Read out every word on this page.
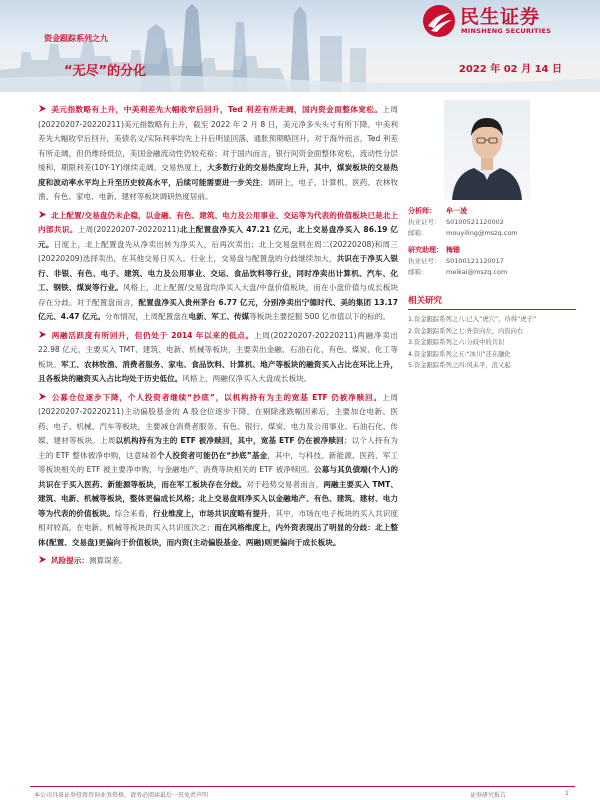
民生证券
MINSHENG SECURITIES
资金跟踪系列之九
“无尽”的分化	2022 年 02 月 14 日

美元指数略有上升，中美利差先大幅收窄后回升，Ted 利差有所走阔，国内资金面整体宽松。上周(20220207-20220211)美元指数略有上升，截至 2022 年 2 月 8 日，美元净多头头寸有所下降。中美利差先大幅收窄后回升，美债名义/实际利率均先上升后明显回落，通胀预期略回升。对于海外而言，Ted 利差有所走阔，但仍维持低位，美国金融流动性仍较充裕；对于国内而言，银行间资金面整体宽松，流动性分层缓和，期限利差(10Y-1Y)继续走阔。交易热度上，大多数行业的交易热度均上升，其中，煤炭板块的交易热度和波动率水平均上升至历史较高水平，后续可能需要进一步关注；调研上，电子、计算机、医药、农林牧渔、有色、家电、电新、建材等板块调研热度居前。

北上配置/交易盘仍未企稳，以金融、有色、建筑、电力及公用事业、交运等为代表的价值板块已是北上内部共识。上周(20220207-20220211)北上配置盘净买入 47.21 亿元，北上交易盘净买入 86.19 亿元。日度上，北上配置盘先从净卖出转为净买入，后再次卖出；北上交易盘则在周二(20220208)和周三(20220209)选择卖出，在其他交易日买入。行业上，交易盘与配置盘的分歧继续加大，共识在于净买入银行、非银、有色、电子、建筑、电力及公用事业、交运、食品饮料等行业，同时净卖出计算机、汽车、化工、钢铁、煤炭等行业。风格上，北上配置/交易盘均净买入大盘/中盘价值板块，而在小盘价值与成长板块存在分歧。对于配置盘而言，配置盘净买入贵州茅台 6.77 亿元，分别净卖出宁德时代、美的集团 13.17 亿元、4.47 亿元。分布情况，上周配置盘在电新、军工、传媒等板块主要挖掘 500 亿市值以下的标的。

两融活跃度有所回升，但仍处于 2014 年以来的低点。上周(20220207-20220211)两融净卖出 22.98 亿元，主要买入 TMT、建筑、电新、机械等板块，主要卖出金融、石油石化、有色、煤炭、化工等板块。军工、农林牧渔、消费者服务、家电、食品饮料、计算机、地产等板块的融资买入占比在环比上升，且各板块的融资买入占比均处于历史低位。风格上，两融仅净买入大盘成长板块。

公募仓位逐步下降，个人投资者继续“抄底”，以机构持有为主的宽基 ETF 仍被净赎回。上周(20220207-20220211)主动偏股基金的 A 股仓位逐步下降，在剔除涨跌幅因素后，主要加仓电新、医药、电子、机械、汽车等板块，主要减仓消费者服务、有色、银行、煤炭、电力及公用事业、石油石化、传媒、建材等板块。上周以机构持有为主的 ETF 被净赎回，其中，宽基 ETF 仍在被净赎回；以个人持有为主的 ETF 整体被净申购，这意味着个人投资者可能仍在“抄底”基金，其中，与科技、新能源、医药、军工等板块相关的 ETF 被主要净申购，与金融地产、消费等块相关的 ETF 被净赎回。公募与其负债端(个人)的共识在于买入医药、新能源等板块，而在军工板块存在分歧。对于趋势交易者而言，两融主要买入 TMT、建筑、电新、机械等板块，整体更偏成长风格；北上交易盘则净买入以金融地产、有色、建筑、建材、电力等为代表的价值板块。综合来看，行业维度上，市场共识度略有提升，其中，市场在电子板块的买入共识度相对较高，在电新、机械等板块的买入共识度次之；而在风格维度上，内外资表现出了明显的分歧：北上整体(配置、交易盘)更偏向于价值板块，而内资(主动偏股基金、两融)则更偏向于成长板块。

风险提示：测算误差。

分析师：	牟一凌
执业证号： S0100521120002
邮箱：	mouyiling@mszq.com
研究助理： 梅锴
执业证号： S0100121120017
邮箱：	meikai@mszq.com
相关研究
1.资金跟踪系列之八:已入“虎穴”，待得“虎子”
2.资金跟踪系列之七:外资向左，内资向右
3.资金跟踪系列之六:分歧中的共识
4.资金跟踪系列之五:“冰川”还在融化
5.资金跟踪系列之四:风未平，浪又起
本公司具备证券投资咨询业务资格，请务必阅读最后一页免责声明	证券研究报告	1
